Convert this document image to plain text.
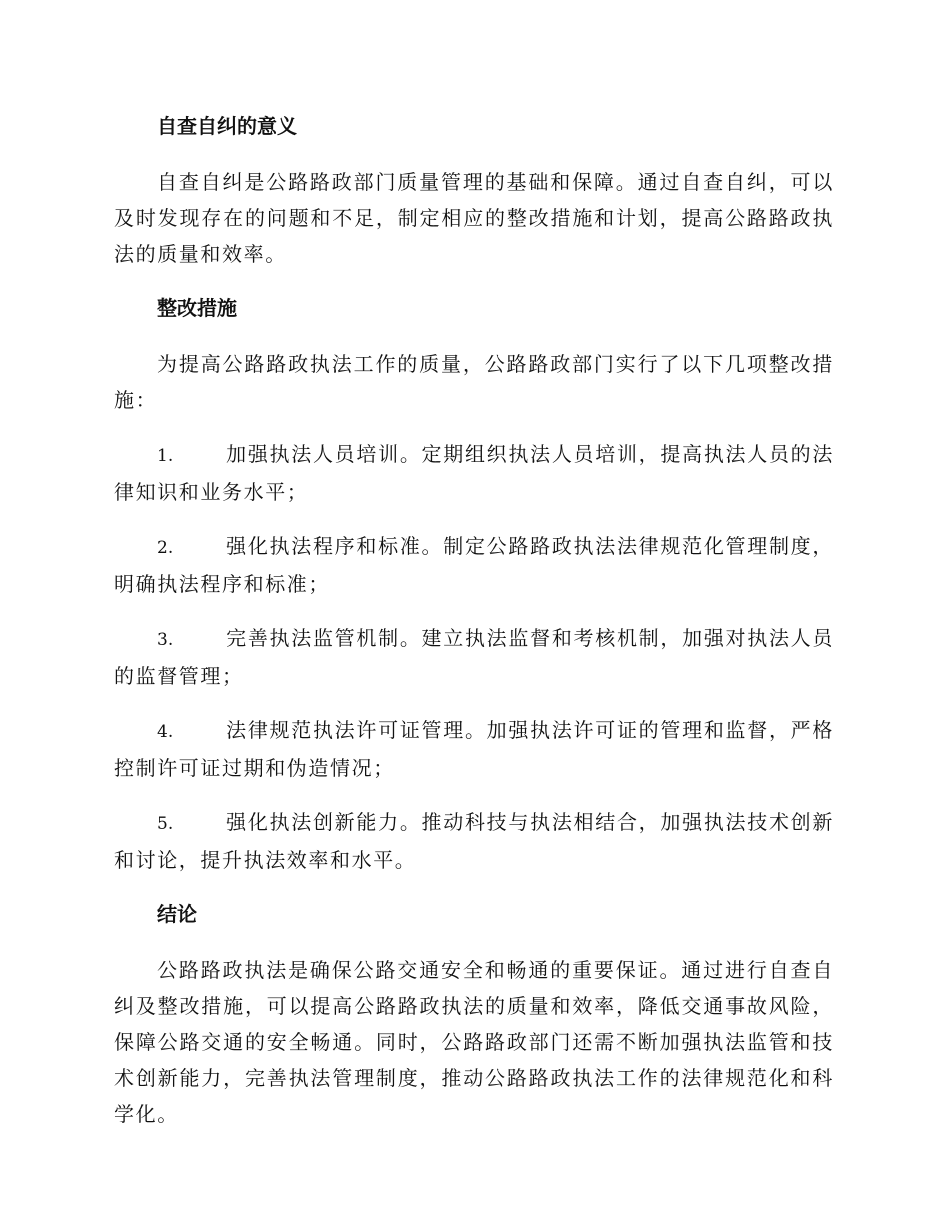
自查自纠的意义

自查自纠是公路路政部门质量管理的基础和保障。通过自查自纠，可以及时发现存在的问题和不足，制定相应的整改措施和计划，提高公路路政执法的质量和效率。

整改措施

为提高公路路政执法工作的质量，公路路政部门实行了以下几项整改措施：

1.	加强执法人员培训。定期组织执法人员培训，提高执法人员的法律知识和业务水平；

2.	强化执法程序和标准。制定公路路政执法法律规范化管理制度，明确执法程序和标准；

3.	完善执法监管机制。建立执法监督和考核机制，加强对执法人员的监督管理；

4.	法律规范执法许可证管理。加强执法许可证的管理和监督，严格控制许可证过期和伪造情况；

5.	强化执法创新能力。推动科技与执法相结合，加强执法技术创新和讨论，提升执法效率和水平。

结论

公路路政执法是确保公路交通安全和畅通的重要保证。通过进行自查自纠及整改措施，可以提高公路路政执法的质量和效率，降低交通事故风险，保障公路交通的安全畅通。同时，公路路政部门还需不断加强执法监管和技术创新能力，完善执法管理制度，推动公路路政执法工作的法律规范化和科学化。
